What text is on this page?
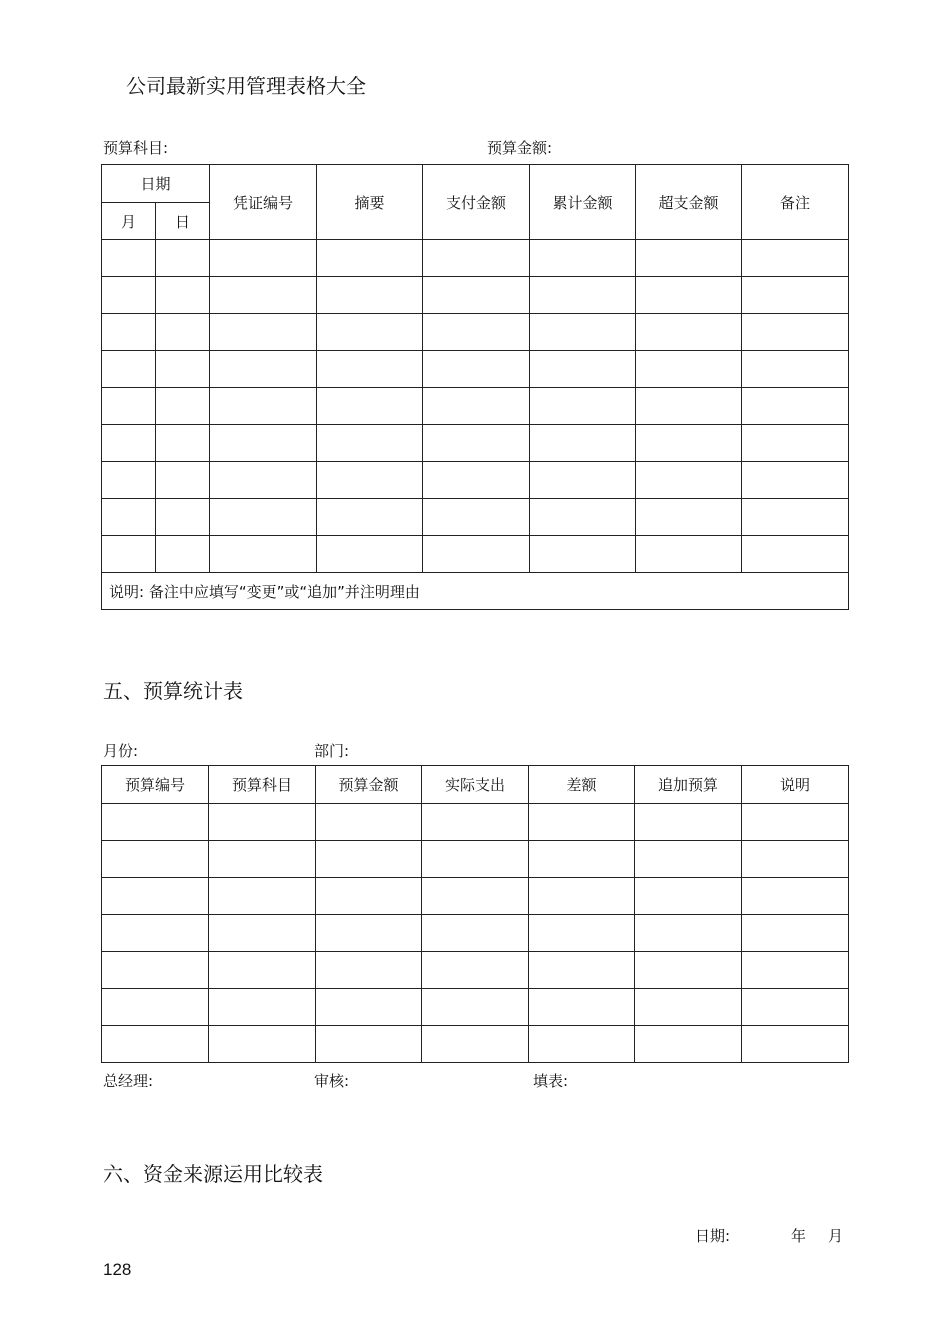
公司最新实用管理表格大全
预算科目:	预算金额:
日期		凭证编号	摘要	支付金额	累计金额	超支金额	备注
月	日						

说明: 备注中应填写“变更”或“追加”并注明理由							
五、预算统计表
月份:	部门:
预算编号	预算科目	预算金额	实际支出	差额	追加预算	说明

总经理:	审核:	填表:
六、资金来源运用比较表
日期:	年 月
128
